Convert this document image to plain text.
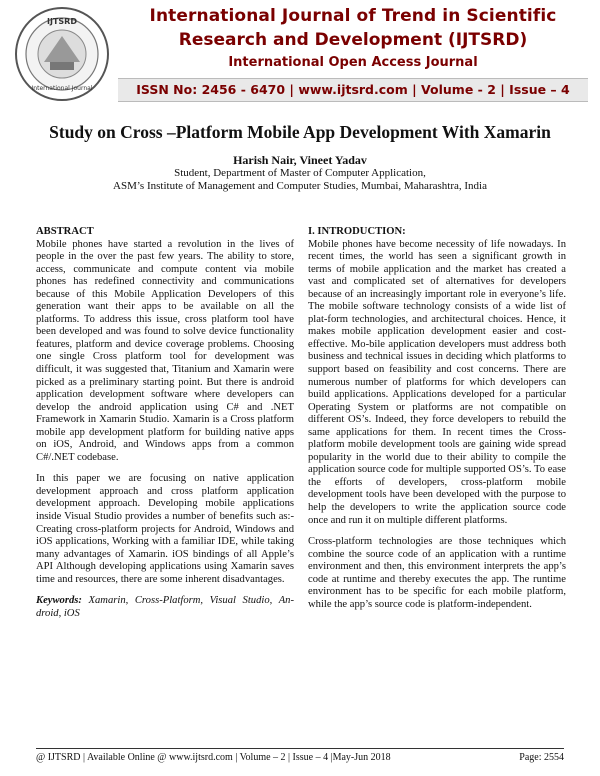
IJTSRD
International Journal
International Journal of Trend in Scientific
Research and Development (IJTSRD)
International Open Access Journal
ISSN No: 2456 - 6470 | www.ijtsrd.com | Volume - 2 | Issue – 4
Study on Cross –Platform Mobile App Development With Xamarin
Harish Nair, Vineet Yadav
Student, Department of Master of Computer Application,
ASM’s Institute of Management and Computer Studies, Mumbai, Maharashtra, India
ABSTRACT

Mobile phones have started a revolution in the lives of people in the over the past few years. The ability to store, access, communicate and compute content via mobile phones has redefined connectivity and communications because of this Mobile Application Developers of this generation want their apps to be available on all the platforms. To address this issue, cross platform tool have been developed and was found to solve device functionality features, platform and device coverage problems. Choosing one single Cross platform tool for development was difficult, it was suggested that, Titanium and Xamarin were picked as a preliminary starting point. But there is android application development software where developers can develop the android application using C# and .NET Framework in Xamarin Studio. Xamarin is a Cross platform mobile app development platform for building native apps on iOS, Android, and Windows apps from a common C#/.NET codebase.

In this paper we are focusing on native application development approach and cross platform application development approach. Developing mobile applications inside Visual Studio provides a number of benefits such as:- Creating cross-platform projects for Android, Windows and iOS applications, Working with a familiar IDE, while taking many advantages of Xamarin. iOS bindings of all Apple’s API Although developing applications using Xamarin saves time and resources, there are some inherent disadvantages.

Keywords: Xamarin, Cross-Platform, Visual Studio, An- droid, iOS

I. INTRODUCTION:

Mobile phones have become necessity of life nowadays. In recent times, the world has seen a significant growth in terms of mobile application and the market has created a vast and complicated set of alternatives for developers because of an increasingly important role in everyone’s life. The mobile software technology consists of a wide list of plat-form technologies, and architectural choices. Hence, it makes mobile application development easier and cost-effective. Mo-bile application developers must address both business and technical issues in deciding which platforms to support based on feasibility and cost concerns. There are numerous number of platforms for which developers can build applications. Applications developed for a particular Operating System or platforms are not compatible on different OS’s. Indeed, they force developers to rebuild the same applications for them. In recent times the Cross-platform mobile development tools are gaining wide spread popularity in the world due to their ability to compile the application source code for multiple supported OS’s. To ease the efforts of developers, cross-platform mobile development tools have been developed with the purpose to help the developers to write the application source code once and run it on multiple different platforms.

Cross-platform technologies are those techniques which combine the source code of an application with a runtime environment and then, this environment interprets the app’s code at runtime and thereby executes the app. The runtime environment has to be specific for each mobile platform, while the app’s source code is platform-independent.

@ IJTSRD | Available Online @ www.ijtsrd.com | Volume – 2 | Issue – 4 |May-Jun 2018	Page: 2554
